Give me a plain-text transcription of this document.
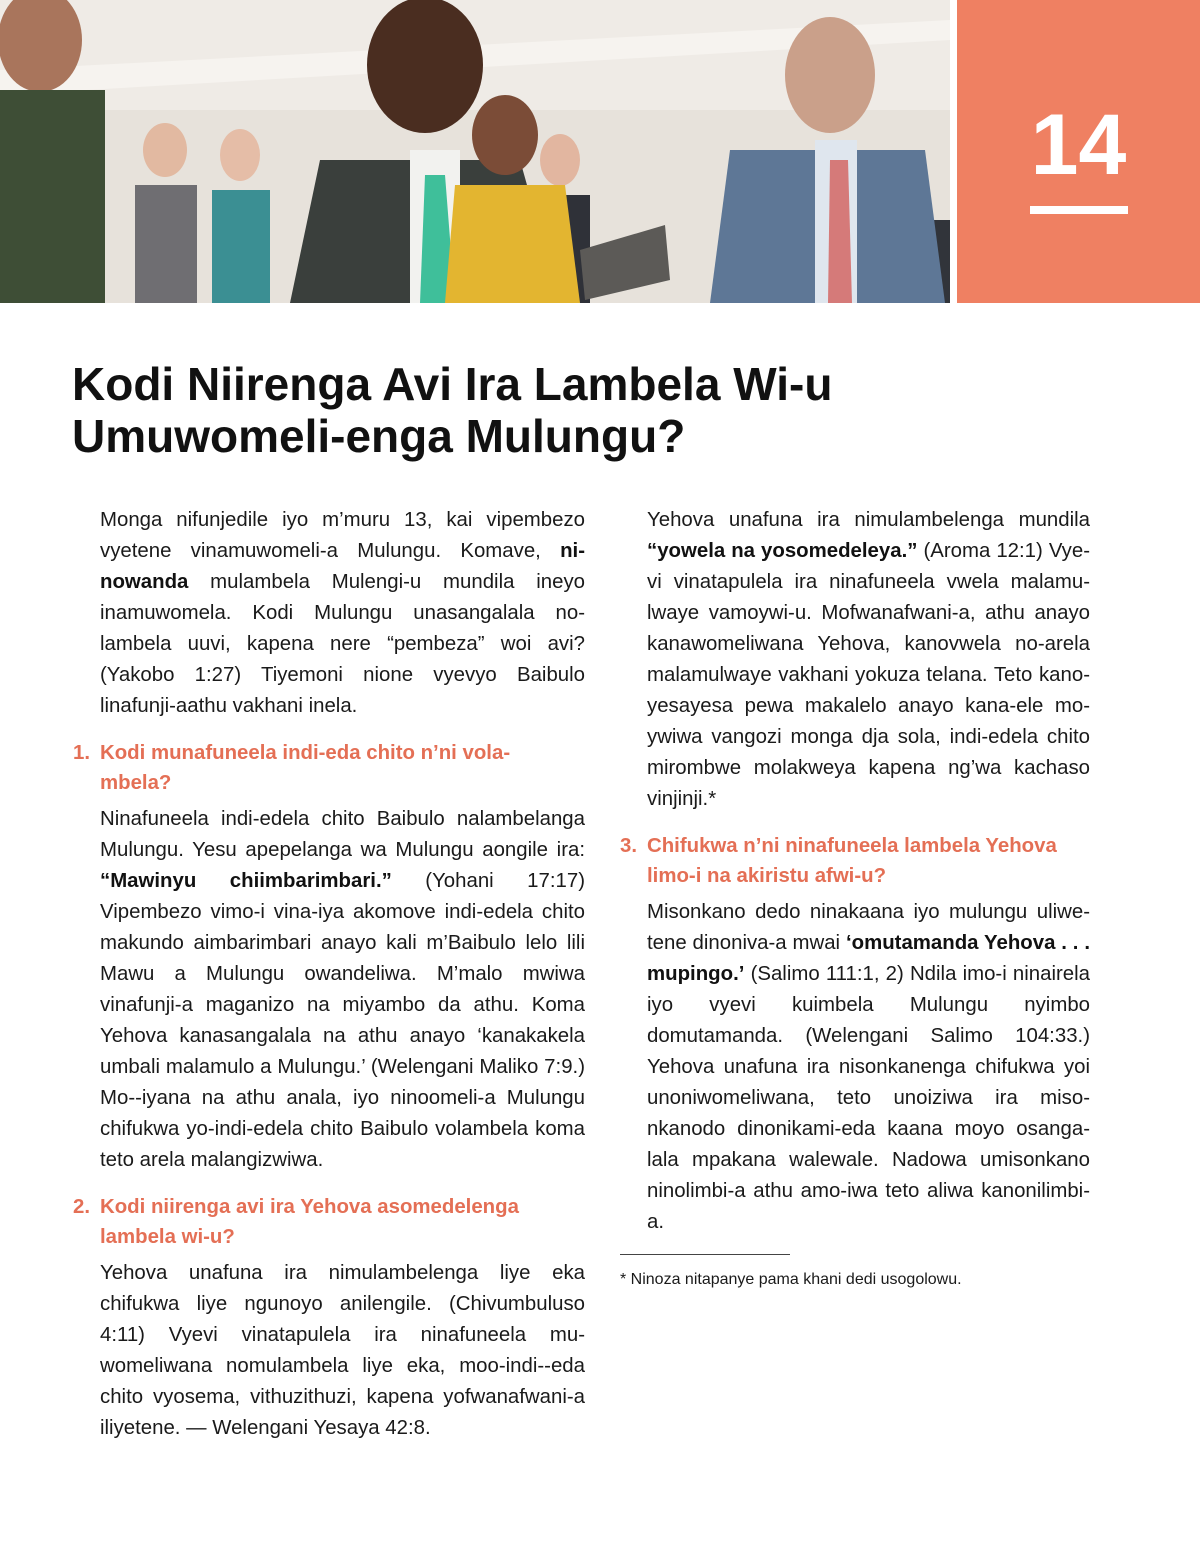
14
Kodi Niirenga Avi Ira Lambela Wi-u
Umuwomeli-enga Mulungu?

Monga nifunjedile iyo m’muru 13, kai vipembezo vyetene vinamuwomeli-a Mulungu. Komave, ninowanda mulambela Mulengi-u mundila ineyo inamuwomela. Kodi Mulungu unasangalala nolambela uuvi, kapena nere “pembeza” woi avi? (Yakobo 1:27) Tiyemoni nione vyevyo Baibulo linafunji-aathu vakhani inela.

1. Kodi munafuneela indi-eda chito n’ni vola-
mbela?

Ninafuneela indi-edela chito Baibulo nalambelanga Mulungu. Yesu apepelanga wa Mulungu aongile ira: “Mawinyu chiimbarimbari.” (Yohani 17:17) Vipembezo vimo-i vina-iya akomove indi-edela chito makundo aimbarimbari anayo kali m’Baibulo lelo lili Mawu a Mulungu owandeliwa. M’malo mwiwa vinafunji-a maganizo na miyambo da athu. Koma Yehova kanasangalala na athu anayo ‘kanakakela umbali malamulo a Mulungu.’ (Welengani Maliko 7:9.) Mo--iyana na athu anala, iyo ninoomeli-a Mulungu chifukwa yo-indi-edela chito Baibulo volambela koma teto arela malangizwiwa.

2. Kodi niirenga avi ira Yehova asomedelenga
lambela wi-u?

Yehova unafuna ira nimulambelenga liye eka chifukwa liye ngunoyo anilengile. (Chivumbuluso 4:11) Vyevi vinatapulela ira ninafuneela muwomeliwana nomulambela liye eka, moo-indi--eda chito vyosema, vithuzithuzi, kapena yofwanafwani-a iliyetene. — Welengani Yesaya 42:8.

Yehova unafuna ira nimulambelenga mundila “yowela na yosomedeleya.” (Aroma 12:1) Vyevi vinatapulela ira ninafuneela vwela malamulwaye vamoywi-u. Mofwanafwani-a, athu anayo kanawomeliwana Yehova, kanovwela no-arela malamulwaye vakhani yokuza telana. Teto kanoyesayesa pewa makalelo anayo kana-ele moywiwa vangozi monga dja sola, indi-edela chito mirombwe molakweya kapena ng’wa kachaso vinjinji.*

3. Chifukwa n’ni ninafuneela lambela Yehova
limo-i na akiristu afwi-u?

Misonkano dedo ninakaana iyo mulungu uliwetene dinoniva-a mwai ‘omutamanda Yehova . . . mupingo.’ (Salimo 111:1, 2) Ndila imo-i ninairela iyo vyevi kuimbela Mulungu nyimbo domutamanda. (Welengani Salimo 104:33.) Yehova unafuna ira nisonkanenga chifukwa yoi unoniwomeliwana, teto unoiziwa ira misonkanodo dinonikami-eda kaana moyo osangalala mpakana walewale. Nadowa umisonkano ninolimbi-a athu amo-iwa teto aliwa kanonilimbi-a.

* Ninoza nitapanye pama khani dedi usogolowu.
